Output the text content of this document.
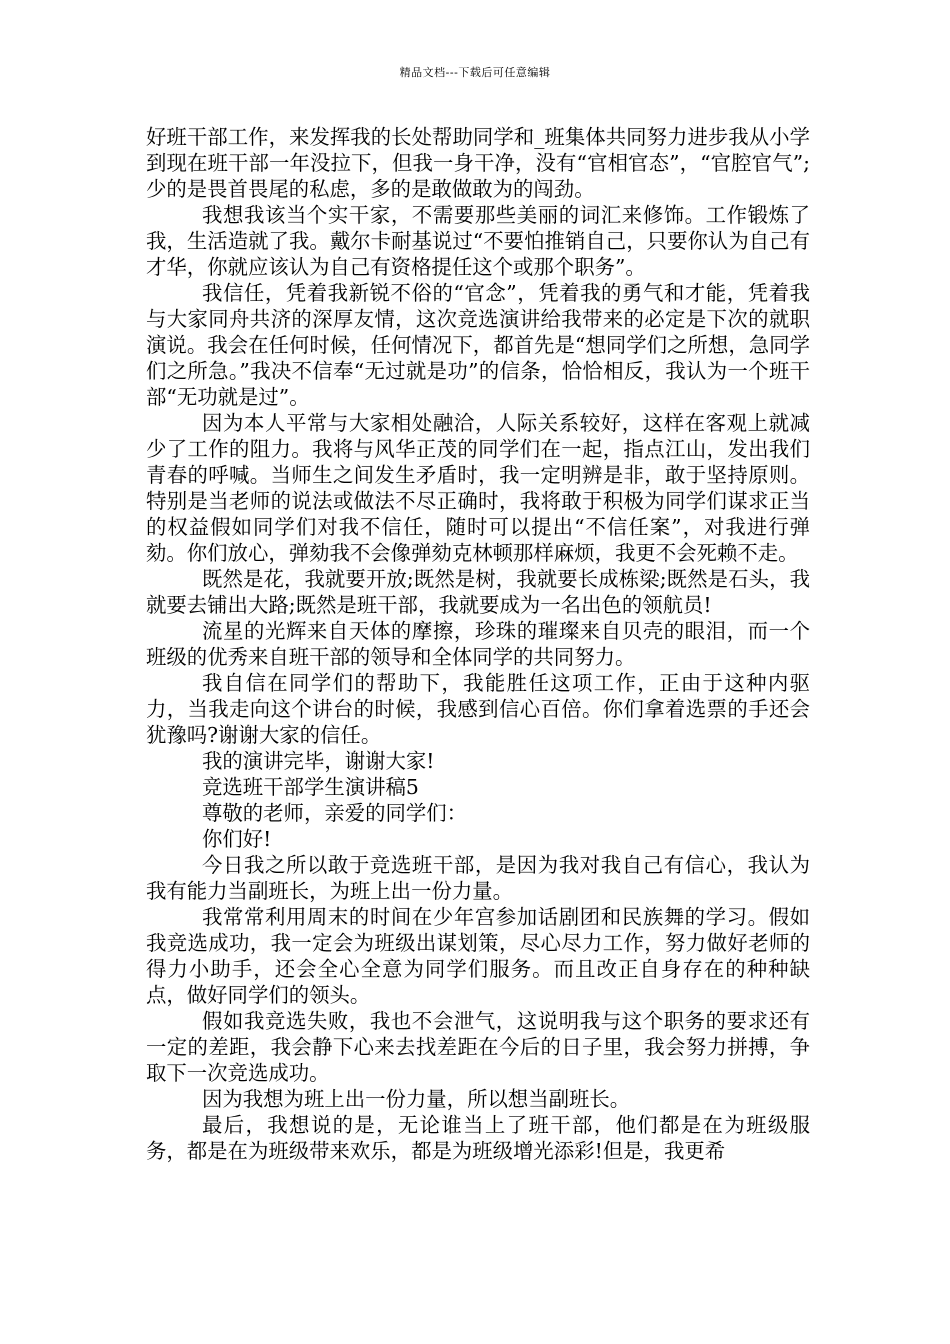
精品文档---下载后可任意编辑

好班干部工作，来发挥我的长处帮助同学和_班集体共同努力进步我从小学到现在班干部一年没拉下，但我一身干净，没有“官相官态”，“官腔官气”;少的是畏首畏尾的私虑，多的是敢做敢为的闯劲。

我想我该当个实干家，不需要那些美丽的词汇来修饰。工作锻炼了我，生活造就了我。戴尔卡耐基说过“不要怕推销自己，只要你认为自己有才华，你就应该认为自己有资格提任这个或那个职务”。

我信任，凭着我新锐不俗的“官念”，凭着我的勇气和才能，凭着我与大家同舟共济的深厚友情，这次竞选演讲给我带来的必定是下次的就职演说。我会在任何时候，任何情况下，都首先是“想同学们之所想，急同学们之所急。”我决不信奉“无过就是功”的信条，恰恰相反，我认为一个班干部“无功就是过”。

因为本人平常与大家相处融洽，人际关系较好，这样在客观上就减少了工作的阻力。我将与风华正茂的同学们在一起，指点江山，发出我们青春的呼喊。当师生之间发生矛盾时，我一定明辨是非，敢于坚持原则。特别是当老师的说法或做法不尽正确时，我将敢于积极为同学们谋求正当的权益假如同学们对我不信任，随时可以提出“不信任案”，对我进行弹劾。你们放心，弹劾我不会像弹劾克林顿那样麻烦，我更不会死赖不走。

既然是花，我就要开放;既然是树，我就要长成栋梁;既然是石头，我就要去铺出大路;既然是班干部，我就要成为一名出色的领航员!

流星的光辉来自天体的摩擦，珍珠的璀璨来自贝壳的眼泪，而一个班级的优秀来自班干部的领导和全体同学的共同努力。

我自信在同学们的帮助下，我能胜任这项工作，正由于这种内驱力，当我走向这个讲台的时候，我感到信心百倍。你们拿着选票的手还会犹豫吗?谢谢大家的信任。

我的演讲完毕，谢谢大家!

竞选班干部学生演讲稿5

尊敬的老师，亲爱的同学们：

你们好!

今日我之所以敢于竞选班干部，是因为我对我自己有信心，我认为我有能力当副班长，为班上出一份力量。

我常常利用周末的时间在少年宫参加话剧团和民族舞的学习。假如我竞选成功，我一定会为班级出谋划策，尽心尽力工作，努力做好老师的得力小助手，还会全心全意为同学们服务。而且改正自身存在的种种缺点，做好同学们的领头。

假如我竞选失败，我也不会泄气，这说明我与这个职务的要求还有一定的差距，我会静下心来去找差距在今后的日子里，我会努力拼搏，争取下一次竞选成功。

因为我想为班上出一份力量，所以想当副班长。

最后，我想说的是，无论谁当上了班干部，他们都是在为班级服务，都是在为班级带来欢乐，都是为班级增光添彩!但是，我更希
